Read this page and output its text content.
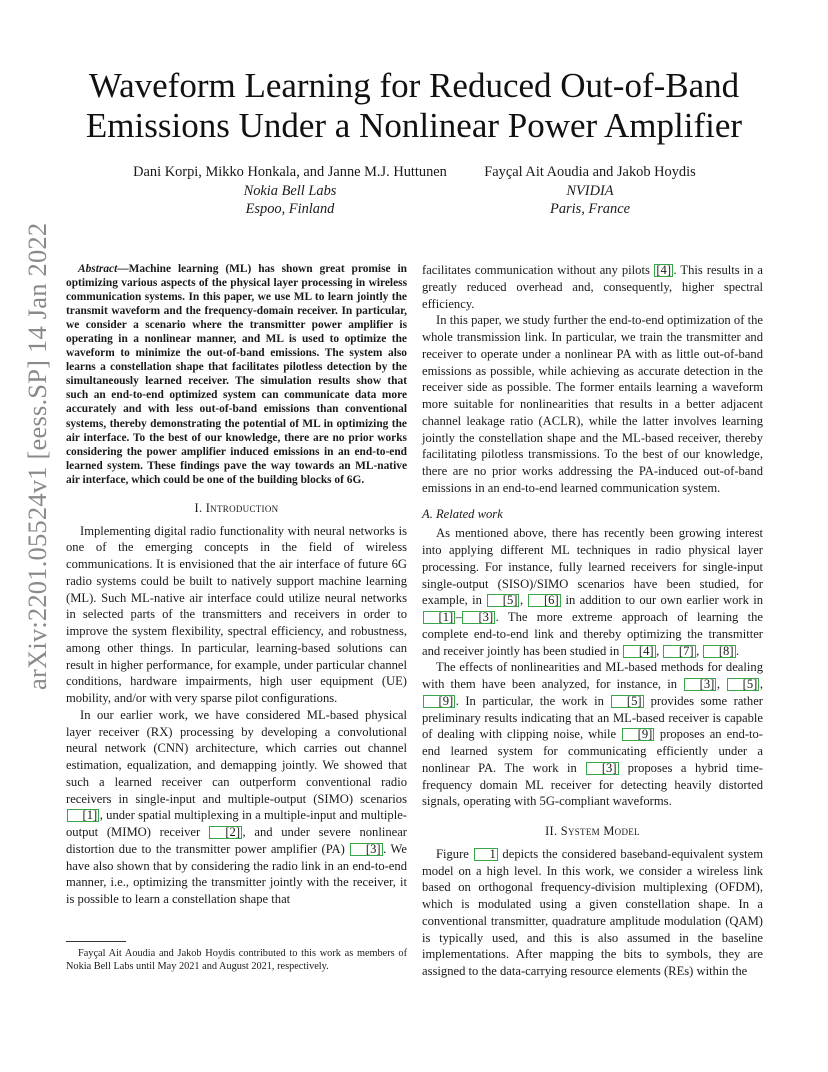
arXiv:2201.05524v1 [eess.SP] 14 Jan 2022
Waveform Learning for Reduced Out-of-Band Emissions Under a Nonlinear Power Amplifier
Dani Korpi, Mikko Honkala, and Janne M.J. Huttunen
Nokia Bell Labs
Espoo, Finland
Fayçal Ait Aoudia and Jakob Hoydis
NVIDIA
Paris, France

Abstract—Machine learning (ML) has shown great promise in optimizing various aspects of the physical layer processing in wireless communication systems. In this paper, we use ML to learn jointly the transmit waveform and the frequency-domain receiver. In particular, we consider a scenario where the transmitter power amplifier is operating in a nonlinear manner, and ML is used to optimize the waveform to minimize the out-of-band emissions. The system also learns a constellation shape that facilitates pilotless detection by the simultaneously learned receiver. The simulation results show that such an end-to-end optimized system can communicate data more accurately and with less out-of-band emissions than conventional systems, thereby demonstrating the potential of ML in optimizing the air interface. To the best of our knowledge, there are no prior works considering the power amplifier induced emissions in an end-to-end learned system. These findings pave the way towards an ML-native air interface, which could be one of the building blocks of 6G.

I. Introduction

Implementing digital radio functionality with neural networks is one of the emerging concepts in the field of wireless communications. It is envisioned that the air interface of future 6G radio systems could be built to natively support machine learning (ML). Such ML-native air interface could utilize neural networks in selected parts of the transmitters and receivers in order to improve the system flexibility, spectral efficiency, and robustness, among other things. In particular, learning-based solutions can result in higher performance, for example, under particular channel conditions, hardware impairments, high user equipment (UE) mobility, and/or with very sparse pilot configurations.

In our earlier work, we have considered ML-based physical layer receiver (RX) processing by developing a convolutional neural network (CNN) architecture, which carries out channel estimation, equalization, and demapping jointly. We showed that such a learned receiver can outperform conventional radio receivers in single-input and multiple-output (SIMO) scenarios [1] , under spatial multiplexing in a multiple-input and multiple-output (MIMO) receiver [2] , and under severe nonlinear distortion due to the transmitter power amplifier (PA) [3] . We have also shown that by considering the radio link in an end-to-end manner, i.e., optimizing the transmitter jointly with the receiver, it is possible to learn a constellation shape that

Fayçal Ait Aoudia and Jakob Hoydis contributed to this work as members of Nokia Bell Labs until May 2021 and August 2021, respectively.

facilitates communication without any pilots [4] . This results in a greatly reduced overhead and, consequently, higher spectral efficiency.

In this paper, we study further the end-to-end optimization of the whole transmission link. In particular, we train the transmitter and receiver to operate under a nonlinear PA with as little out-of-band emissions as possible, while achieving as accurate detection in the receiver side as possible. The former entails learning a waveform more suitable for nonlinearities that results in a better adjacent channel leakage ratio (ACLR), while the latter involves learning jointly the constellation shape and the ML-based receiver, thereby facilitating pilotless transmissions. To the best of our knowledge, there are no prior works addressing the PA-induced out-of-band emissions in an end-to-end learned communication system.

A. Related work

As mentioned above, there has recently been growing interest into applying different ML techniques in radio physical layer processing. For instance, fully learned receivers for single-input single-output (SISO)/SIMO scenarios have been studied, for example, in [5] , [6] in addition to our own earlier work in [1] – [3] . The more extreme approach of learning the complete end-to-end link and thereby optimizing the transmitter and receiver jointly has been studied in [4] , [7] , [8] .

The effects of nonlinearities and ML-based methods for dealing with them have been analyzed, for instance, in [3] , [5] , [9] . In particular, the work in [5] provides some rather preliminary results indicating that an ML-based receiver is capable of dealing with clipping noise, while [9] proposes an end-to-end learned system for communicating efficiently under a nonlinear PA. The work in [3] proposes a hybrid time-frequency domain ML receiver for detecting heavily distorted signals, operating with 5G-compliant waveforms.

II. System Model

Figure 1 depicts the considered baseband-equivalent system model on a high level. In this work, we consider a wireless link based on orthogonal frequency-division multiplexing (OFDM), which is modulated using a given constellation shape. In a conventional transmitter, quadrature amplitude modulation (QAM) is typically used, and this is also assumed in the baseline implementations. After mapping the bits to symbols, they are assigned to the data-carrying resource elements (REs) within the
